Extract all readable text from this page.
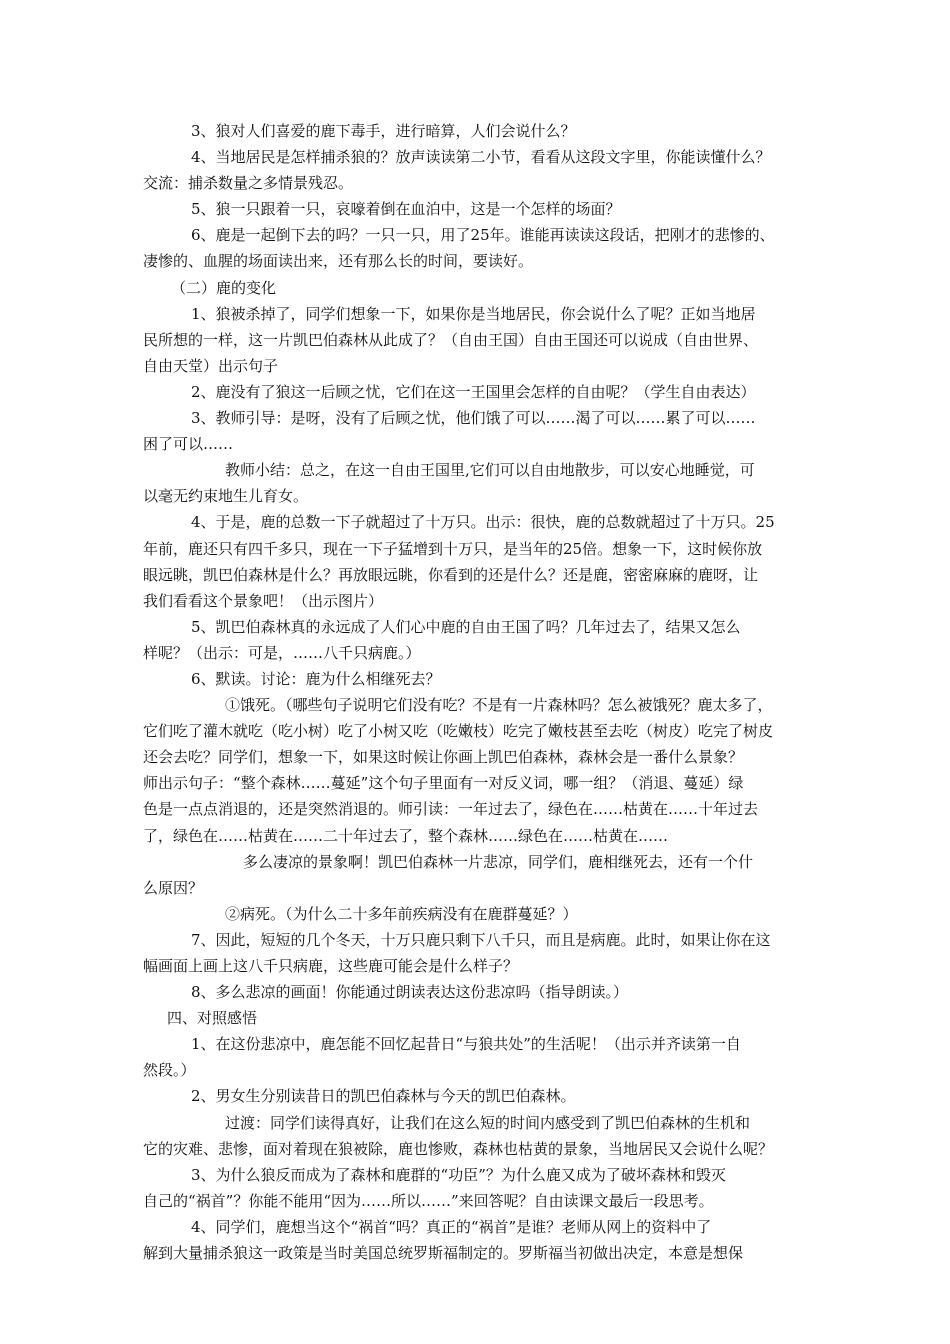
3、狼对人们喜爱的鹿下毒手，进行暗算，人们会说什么？
4、当地居民是怎样捕杀狼的？放声读读第二小节，看看从这段文字里，你能读懂什么？
交流：捕杀数量之多情景残忍。
5、狼一只跟着一只，哀嚎着倒在血泊中，这是一个怎样的场面？
6、鹿是一起倒下去的吗？一只一只，用了25年。谁能再读读这段话，把刚才的悲惨的、
凄惨的、血腥的场面读出来，还有那么长的时间，要读好。
（二）鹿的变化
1、狼被杀掉了，同学们想象一下，如果你是当地居民，你会说什么了呢？正如当地居
民所想的一样，这一片凯巴伯森林从此成了？（自由王国）自由王国还可以说成（自由世界、
自由天堂）出示句子
2、鹿没有了狼这一后顾之忧，它们在这一王国里会怎样的自由呢？（学生自由表达）
3、教师引导：是呀，没有了后顾之忧，他们饿了可以……渴了可以……累了可以……
困了可以……
教师小结：总之，在这一自由王国里,它们可以自由地散步，可以安心地睡觉，可
以毫无约束地生儿育女。
4、于是，鹿的总数一下子就超过了十万只。出示：很快，鹿的总数就超过了十万只。25
年前，鹿还只有四千多只，现在一下子猛增到十万只，是当年的25倍。想象一下，这时候你放
眼远眺，凯巴伯森林是什么？再放眼远眺，你看到的还是什么？还是鹿，密密麻麻的鹿呀，让
我们看看这个景象吧！（出示图片）
5、凯巴伯森林真的永远成了人们心中鹿的自由王国了吗？几年过去了，结果又怎么
样呢？（出示：可是，……八千只病鹿。）
6、默读。讨论：鹿为什么相继死去？
①饿死。（哪些句子说明它们没有吃？不是有一片森林吗？怎么被饿死？鹿太多了，
它们吃了灌木就吃（吃小树）吃了小树又吃（吃嫩枝）吃完了嫩枝甚至去吃（树皮）吃完了树皮
还会去吃？同学们，想象一下，如果这时候让你画上凯巴伯森林，森林会是一番什么景象？
师出示句子：“整个森林……蔓延”这个句子里面有一对反义词，哪一组？（消退、蔓延）绿
色是一点点消退的，还是突然消退的。师引读：一年过去了，绿色在……枯黄在……十年过去
了，绿色在……枯黄在……二十年过去了，整个森林……绿色在……枯黄在……
多么凄凉的景象啊！凯巴伯森林一片悲凉，同学们，鹿相继死去，还有一个什
么原因？
②病死。（为什么二十多年前疾病没有在鹿群蔓延？）
7、因此，短短的几个冬天，十万只鹿只剩下八千只，而且是病鹿。此时，如果让你在这
幅画面上画上这八千只病鹿，这些鹿可能会是什么样子？
8、多么悲凉的画面！你能通过朗读表达这份悲凉吗（指导朗读。）
四、对照感悟
1、在这份悲凉中，鹿怎能不回忆起昔日“与狼共处”的生活呢！（出示并齐读第一自
然段。）
2、男女生分别读昔日的凯巴伯森林与今天的凯巴伯森林。
过渡：同学们读得真好，让我们在这么短的时间内感受到了凯巴伯森林的生机和
它的灾难、悲惨，面对着现在狼被除，鹿也惨败，森林也枯黄的景象，当地居民又会说什么呢？
3、为什么狼反而成为了森林和鹿群的“功臣”？为什么鹿又成为了破坏森林和毁灭
自己的“祸首”？你能不能用“因为……所以……”来回答呢？自由读课文最后一段思考。
4、同学们，鹿想当这个“祸首“吗？真正的“祸首”是谁？老师从网上的资料中了
解到大量捕杀狼这一政策是当时美国总统罗斯福制定的。罗斯福当初做出决定，本意是想保
